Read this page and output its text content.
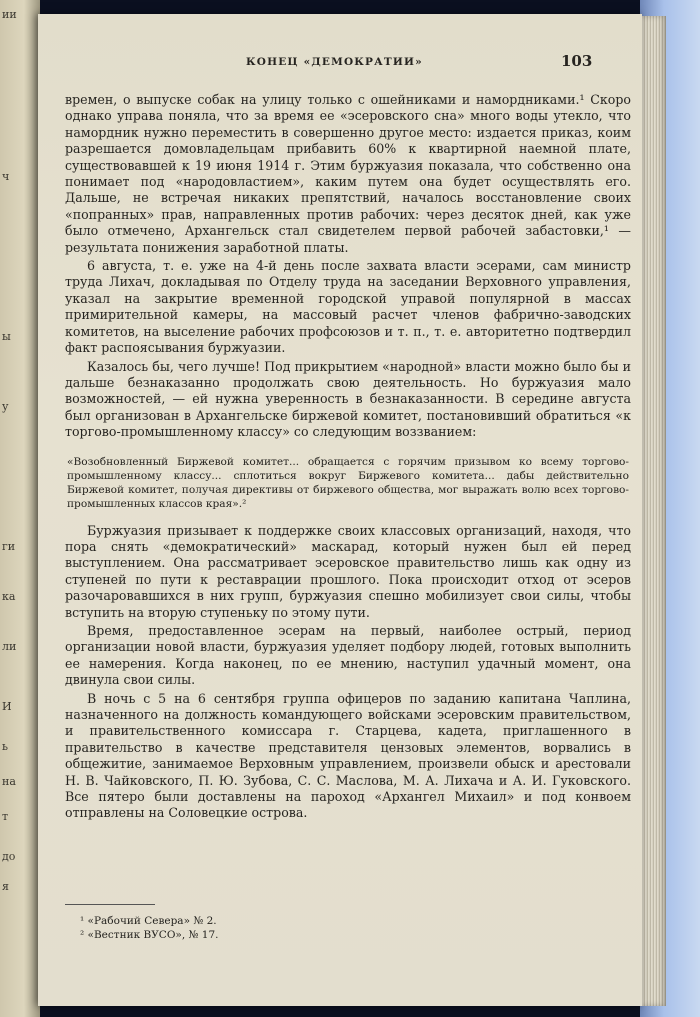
ии
ч
ы
у
ги
ка
ли
И
ь
на
т
до
я
КОНЕЦ «ДЕМОКРАТИИ»	103

времен, о выпуске собак на улицу только с ошейниками и намордниками.¹ Скоро однако управа поняла, что за время ее «эсеровского сна» много воды утекло, что намордник нужно переместить в совершенно другое место: издается приказ, коим разрешается домовладельцам прибавить 60% к квартирной наемной плате, существовавшей к 19 июня 1914 г. Этим буржуазия показала, что собственно она понимает под «народовластием», каким путем она будет осуществлять его. Дальше, не встречая никаких препятствий, началось восстановление своих «попранных» прав, направленных против рабочих: через десяток дней, как уже было отмечено, Архангельск стал свидетелем первой рабочей забастовки,¹ — результата понижения заработной платы.

6 августа, т. е. уже на 4-й день после захвата власти эсерами, сам министр труда Лихач, докладывая по Отделу труда на заседании Верховного управления, указал на закрытие временной городской управой популярной в массах примирительной камеры, на массовый расчет членов фабрично-заводских комитетов, на выселение рабочих профсоюзов и т. п., т. е. авторитетно подтвердил факт распоясывания буржуазии.

Казалось бы, чего лучше! Под прикрытием «народной» власти можно было бы и дальше безнаказанно продолжать свою деятельность. Но буржуазия мало возможностей, — ей нужна уверенность в безнаказанности. В середине августа был организован в Архангельске биржевой комитет, постановивший обратиться «к торгово-промышленному классу» со следующим воззванием:

«Возобновленный Биржевой комитет... обращается с горячим призывом ко всему торгово-промышленному классу... сплотиться вокруг Биржевого комитета... дабы действительно Биржевой комитет, получая директивы от биржевого общества, мог выражать волю всех торгово-промышленных классов края».²

Буржуазия призывает к поддержке своих классовых организаций, находя, что пора снять «демократический» маскарад, который нужен был ей перед выступлением. Она рассматривает эсеровское правительство лишь как одну из ступеней по пути к реставрации прошлого. Пока происходит отход от эсеров разочаровавшихся в них групп, буржуазия спешно мобилизует свои силы, чтобы вступить на вторую ступеньку по этому пути.

Время, предоставленное эсерам на первый, наиболее острый, период организации новой власти, буржуазия уделяет подбору людей, готовых выполнить ее намерения. Когда наконец, по ее мнению, наступил удачный момент, она двинула свои силы.

В ночь с 5 на 6 сентября группа офицеров по заданию капитана Чаплина, назначенного на должность командующего войсками эсеровским правительством, и правительственного комиссара г. Старцева, кадета, приглашенного в правительство в качестве представителя цензовых элементов, ворвались в общежитие, занимаемое Верховным управлением, произвели обыск и арестовали Н. В. Чайковского, П. Ю. Зубова, С. С. Маслова, М. А. Лихача и А. И. Гуковского. Все пятеро были доставлены на пароход «Архангел Михаил» и под конвоем отправлены на Соловецкие острова.

¹ «Рабочий Севера» № 2.
² «Вестник ВУСО», № 17.
